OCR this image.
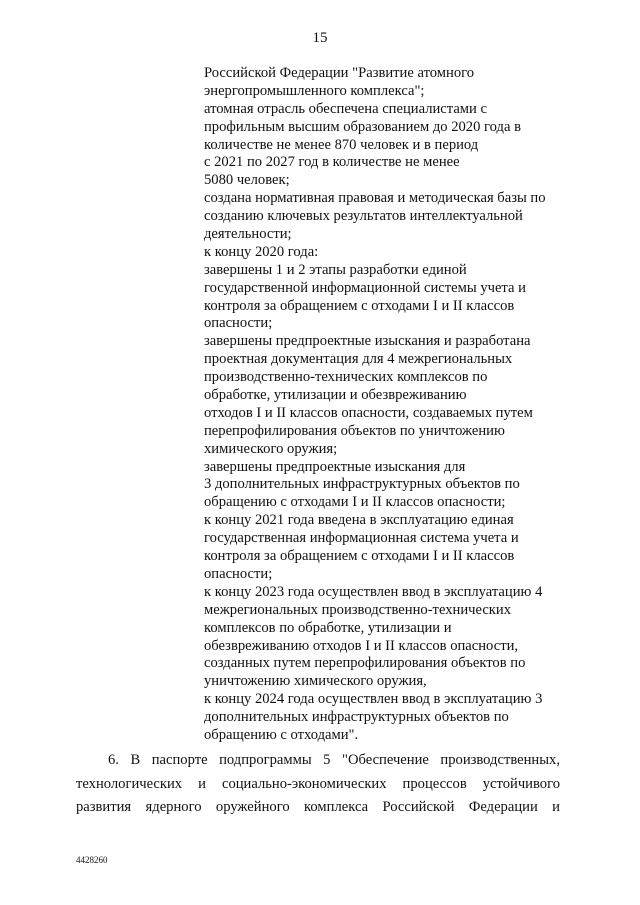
15
Российской Федерации "Развитие атомного
энергопромышленного комплекса";
атомная отрасль обеспечена специалистами с
профильным высшим образованием до 2020 года в
количестве не менее 870 человек и в период
с 2021 по 2027 год в количестве не менее
5080 человек;
создана нормативная правовая и методическая базы по
созданию ключевых результатов интеллектуальной
деятельности;
к концу 2020 года:
завершены 1 и 2 этапы разработки единой
государственной информационной системы учета и
контроля за обращением с отходами I и II классов
опасности;
завершены предпроектные изыскания и разработана
проектная документация для 4 межрегиональных
производственно-технических комплексов по
обработке, утилизации и обезвреживанию
отходов I и II классов опасности, создаваемых путем
перепрофилирования объектов по уничтожению
химического оружия;
завершены предпроектные изыскания для
3 дополнительных инфраструктурных объектов по
обращению с отходами I и II классов опасности;
к концу 2021 года введена в эксплуатацию единая
государственная информационная система учета и
контроля за обращением с отходами I и II классов
опасности;
к концу 2023 года осуществлен ввод в эксплуатацию 4
межрегиональных производственно-технических
комплексов по обработке, утилизации и
обезвреживанию отходов I и II классов опасности,
созданных путем перепрофилирования объектов по
уничтожению химического оружия,
к концу 2024 года осуществлен ввод в эксплуатацию 3
дополнительных инфраструктурных объектов по
обращению с отходами".
6. В паспорте подпрограммы 5 "Обеспечение производственных,
технологических и социально-экономических процессов устойчивого
развития ядерного оружейного комплекса Российской Федерации и
4428260
